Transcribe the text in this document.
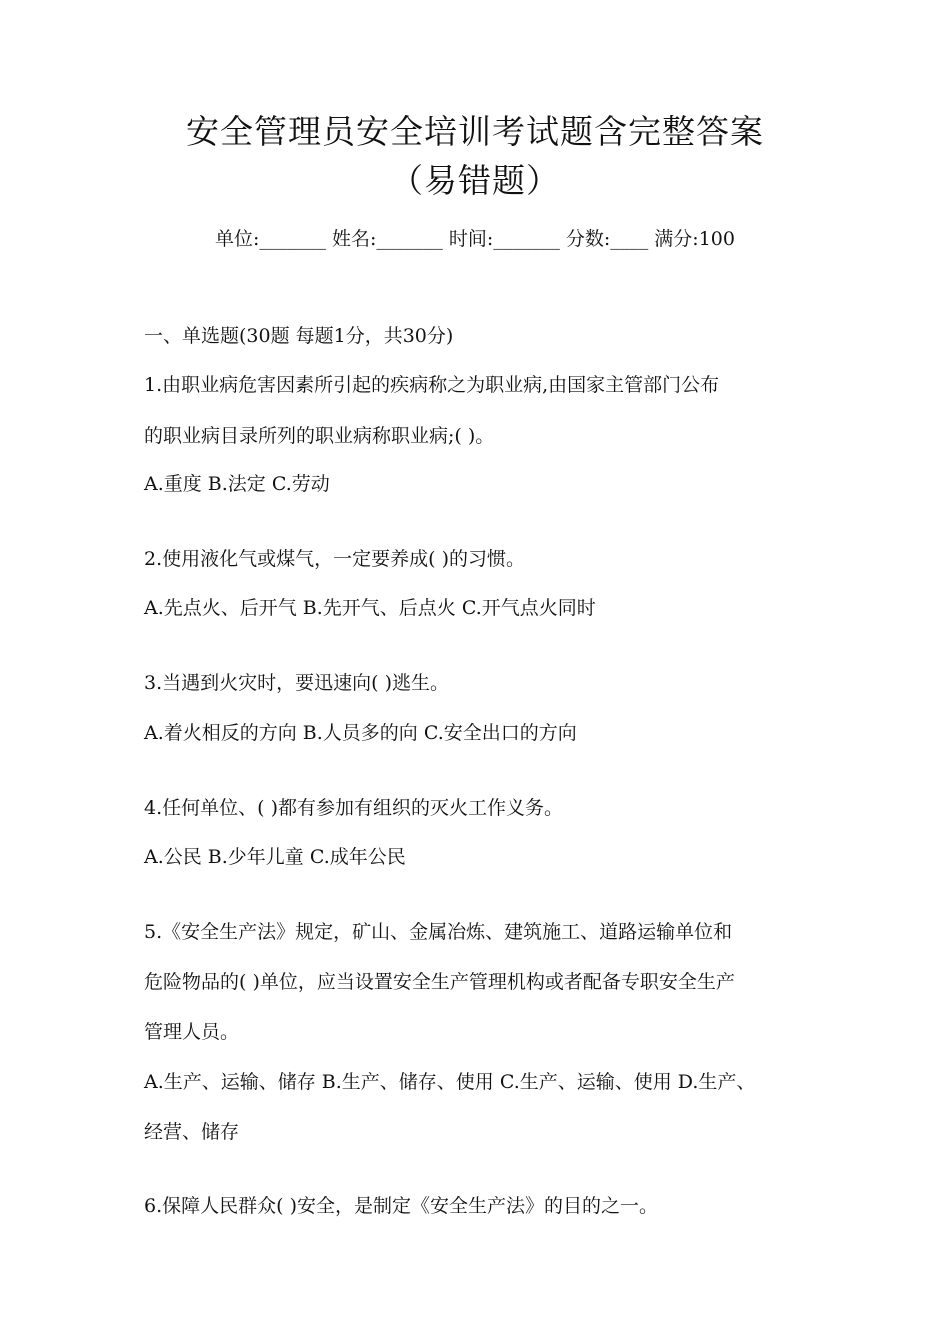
安全管理员安全培训考试题含完整答案
（易错题）
单位:_______ 姓名:_______ 时间:_______ 分数:____ 满分:100
一、单选题(30题 每题1分，共30分)
1.由职业病危害因素所引起的疾病称之为职业病,由国家主管部门公布
的职业病目录所列的职业病称职业病;( )。
A.重度 B.法定 C.劳动
2.使用液化气或煤气，一定要养成( )的习惯。
A.先点火、后开气 B.先开气、后点火 C.开气点火同时
3.当遇到火灾时，要迅速向( )逃生。
A.着火相反的方向 B.人员多的向 C.安全出口的方向
4.任何单位、( )都有参加有组织的灭火工作义务。
A.公民 B.少年儿童 C.成年公民
5.《安全生产法》规定，矿山、金属冶炼、建筑施工、道路运输单位和
危险物品的( )单位，应当设置安全生产管理机构或者配备专职安全生产
管理人员。
A.生产、运输、储存 B.生产、储存、使用 C.生产、运输、使用 D.生产、
经营、储存
6.保障人民群众( )安全，是制定《安全生产法》的目的之一。
